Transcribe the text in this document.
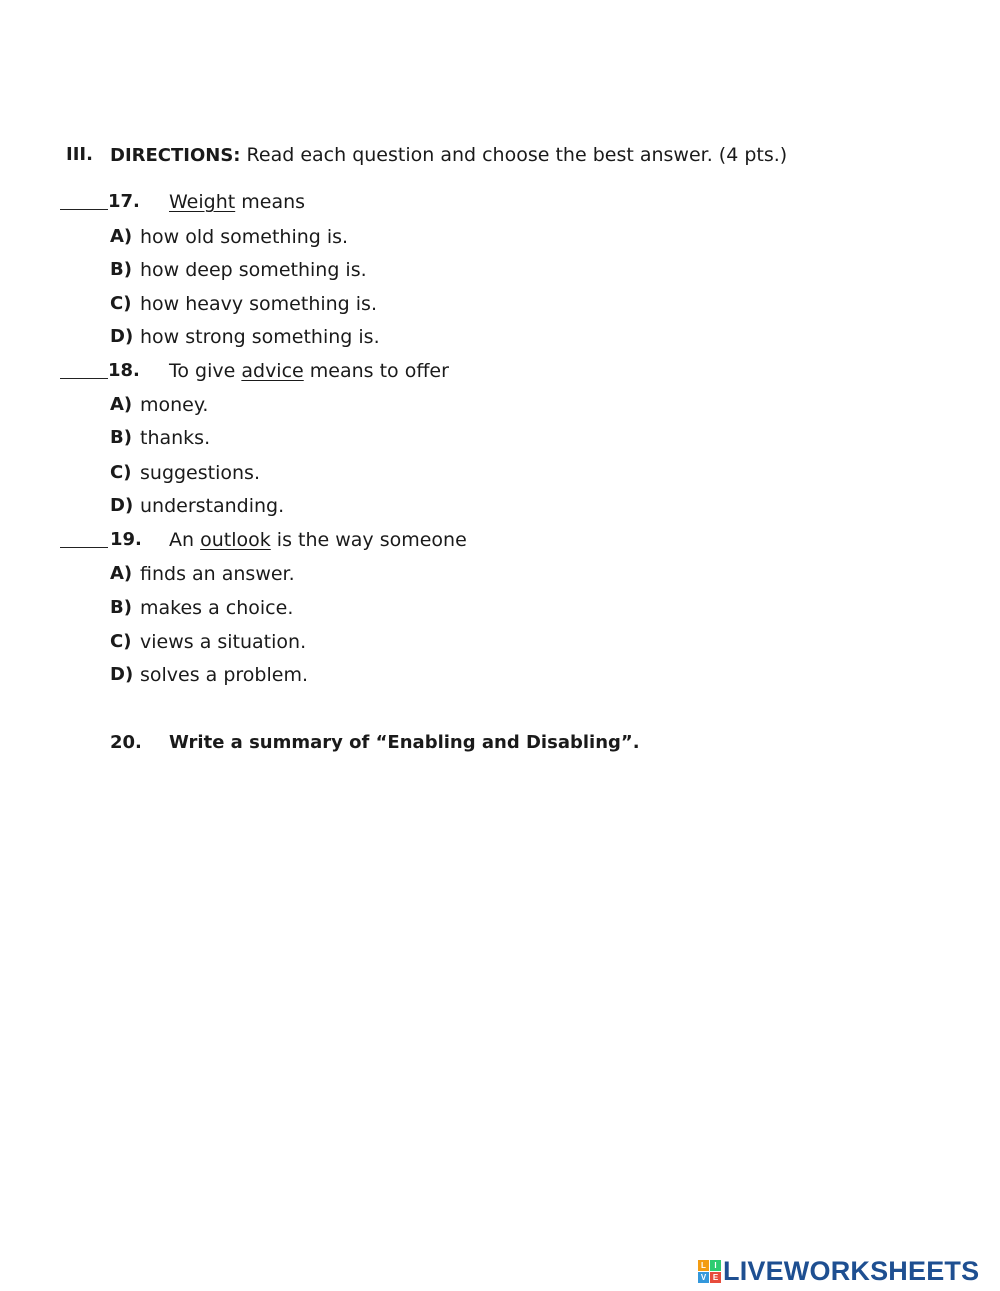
III. DIRECTIONS: Read each question and choose the best answer. (4 pts.)
17. Weight means
A) how old something is.
B) how deep something is.
C) how heavy something is.
D) how strong something is.
18. To give advice means to offer
A) money.
B) thanks.
C) suggestions.
D) understanding.
19. An outlook is the way someone
A) finds an answer.
B) makes a choice.
C) views a situation.
D) solves a problem.
20. Write a summary of “Enabling and Disabling”.
L	I
V E LIVEWORKSHEETS
